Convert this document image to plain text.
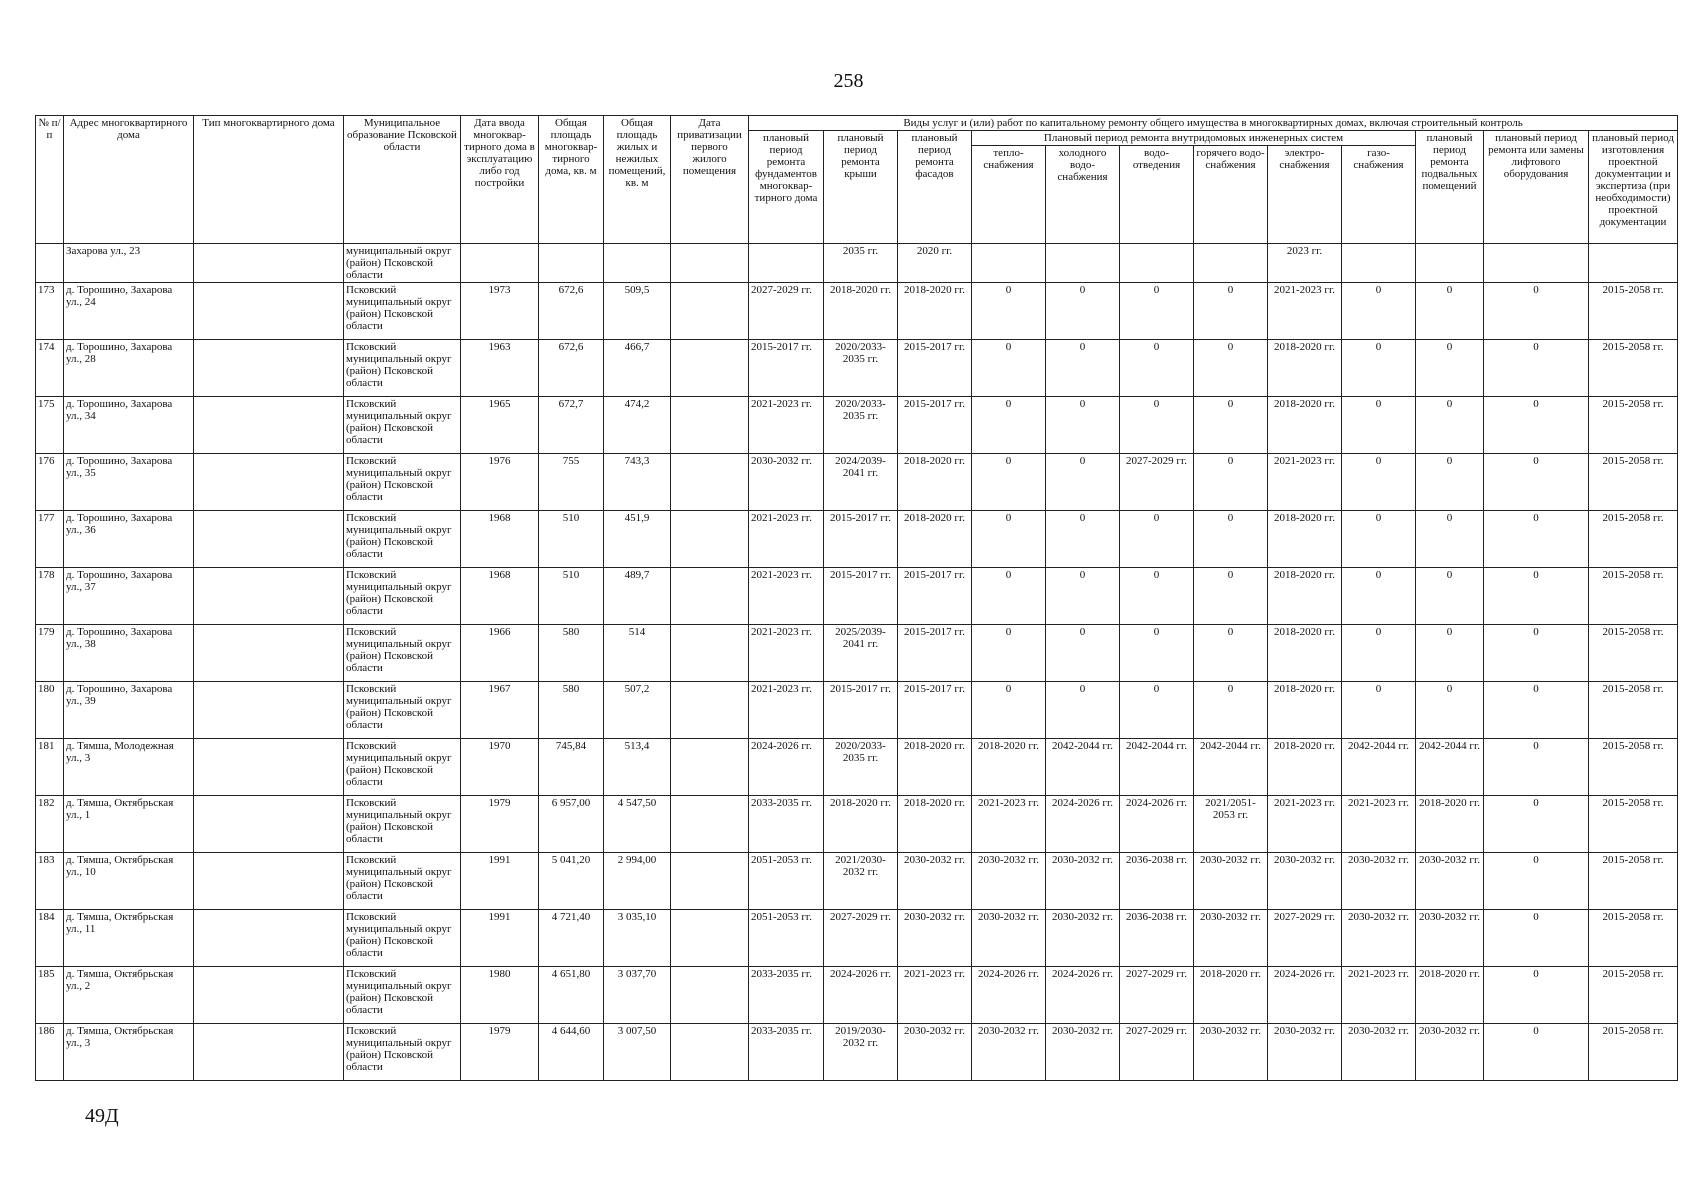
258
№ п/п	Адрес многоквартирного дома	Тип многоквартирного дома	Муниципальное образование Псковской области	Дата ввода многоквар-тирного дома в эксплуатацию либо год постройки	Общая площадь многоквар-тирного дома, кв. м	Общая площадь жилых и нежилых помещений, кв. м	Дата приватизации первого жилого помещения	Виды услуг и (или) работ по капитальному ремонту общего имущества в многоквартирных домах, включая строительный контроль											
								плановый период ремонта фундаментов многоквар-тирного дома	плановый период ремонта крыши	плановый период ремонта фасадов	Плановый период ремонта внутридомовых инженерных систем						плановый период ремонта подвальных помещений	плановый период ремонта или замены лифтового оборудования	плановый период изготовления проектной документации и экспертиза (при необходимости) проектной документации
											тепло-снабжения	холодного водо-снабжения	водо-отведения	горячего водо-снабжения	электро-снабжения	газо-снабжения			
	Захарова ул., 23		муниципальный округ (район) Псковской области						2035 гг.	2020 гг.					2023 гг.				
173	д. Торошино, Захарова ул., 24		Псковский муниципальный округ (район) Псковской области	1973	672,6	509,5		2027-2029 гг.	2018-2020 гг.	2018-2020 гг.	0	0	0	0	2021-2023 гг.	0	0	0	2015-2058 гг.
174	д. Торошино, Захарова ул., 28		Псковский муниципальный округ (район) Псковской области	1963	672,6	466,7		2015-2017 гг.	2020/2033-2035 гг.	2015-2017 гг.	0	0	0	0	2018-2020 гг.	0	0	0	2015-2058 гг.
175	д. Торошино, Захарова ул., 34		Псковский муниципальный округ (район) Псковской области	1965	672,7	474,2		2021-2023 гг.	2020/2033-2035 гг.	2015-2017 гг.	0	0	0	0	2018-2020 гг.	0	0	0	2015-2058 гг.
176	д. Торошино, Захарова ул., 35		Псковский муниципальный округ (район) Псковской области	1976	755	743,3		2030-2032 гг.	2024/2039-2041 гг.	2018-2020 гг.	0	0	2027-2029 гг.	0	2021-2023 гг.	0	0	0	2015-2058 гг.
177	д. Торошино, Захарова ул., 36		Псковский муниципальный округ (район) Псковской области	1968	510	451,9		2021-2023 гг.	2015-2017 гг.	2018-2020 гг.	0	0	0	0	2018-2020 гг.	0	0	0	2015-2058 гг.
178	д. Торошино, Захарова ул., 37		Псковский муниципальный округ (район) Псковской области	1968	510	489,7		2021-2023 гг.	2015-2017 гг.	2015-2017 гг.	0	0	0	0	2018-2020 гг.	0	0	0	2015-2058 гг.
179	д. Торошино, Захарова ул., 38		Псковский муниципальный округ (район) Псковской области	1966	580	514		2021-2023 гг.	2025/2039-2041 гг.	2015-2017 гг.	0	0	0	0	2018-2020 гг.	0	0	0	2015-2058 гг.
180	д. Торошино, Захарова ул., 39		Псковский муниципальный округ (район) Псковской области	1967	580	507,2		2021-2023 гг.	2015-2017 гг.	2015-2017 гг.	0	0	0	0	2018-2020 гг.	0	0	0	2015-2058 гг.
181	д. Тямша, Молодежная ул., 3		Псковский муниципальный округ (район) Псковской области	1970	745,84	513,4		2024-2026 гг.	2020/2033-2035 гг.	2018-2020 гг.	2018-2020 гг.	2042-2044 гг.	2042-2044 гг.	2042-2044 гг.	2018-2020 гг.	2042-2044 гг.	2042-2044 гг.	0	2015-2058 гг.
182	д. Тямша, Октябрьская ул., 1		Псковский муниципальный округ (район) Псковской области	1979	6 957,00	4 547,50		2033-2035 гг.	2018-2020 гг.	2018-2020 гг.	2021-2023 гг.	2024-2026 гг.	2024-2026 гг.	2021/2051-2053 гг.	2021-2023 гг.	2021-2023 гг.	2018-2020 гг.	0	2015-2058 гг.
183	д. Тямша, Октябрьская ул., 10		Псковский муниципальный округ (район) Псковской области	1991	5 041,20	2 994,00		2051-2053 гг.	2021/2030-2032 гг.	2030-2032 гг.	2030-2032 гг.	2030-2032 гг.	2036-2038 гг.	2030-2032 гг.	2030-2032 гг.	2030-2032 гг.	2030-2032 гг.	0	2015-2058 гг.
184	д. Тямша, Октябрьская ул., 11		Псковский муниципальный округ (район) Псковской области	1991	4 721,40	3 035,10		2051-2053 гг.	2027-2029 гг.	2030-2032 гг.	2030-2032 гг.	2030-2032 гг.	2036-2038 гг.	2030-2032 гг.	2027-2029 гг.	2030-2032 гг.	2030-2032 гг.	0	2015-2058 гг.
185	д. Тямша, Октябрьская ул., 2		Псковский муниципальный округ (район) Псковской области	1980	4 651,80	3 037,70		2033-2035 гг.	2024-2026 гг.	2021-2023 гг.	2024-2026 гг.	2024-2026 гг.	2027-2029 гг.	2018-2020 гг.	2024-2026 гг.	2021-2023 гг.	2018-2020 гг.	0	2015-2058 гг.
186	д. Тямша, Октябрьская ул., 3		Псковский муниципальный округ (район) Псковской области	1979	4 644,60	3 007,50		2033-2035 гг.	2019/2030-2032 гг.	2030-2032 гг.	2030-2032 гг.	2030-2032 гг.	2027-2029 гг.	2030-2032 гг.	2030-2032 гг.	2030-2032 гг.	2030-2032 гг.	0	2015-2058 гг.
49Д
